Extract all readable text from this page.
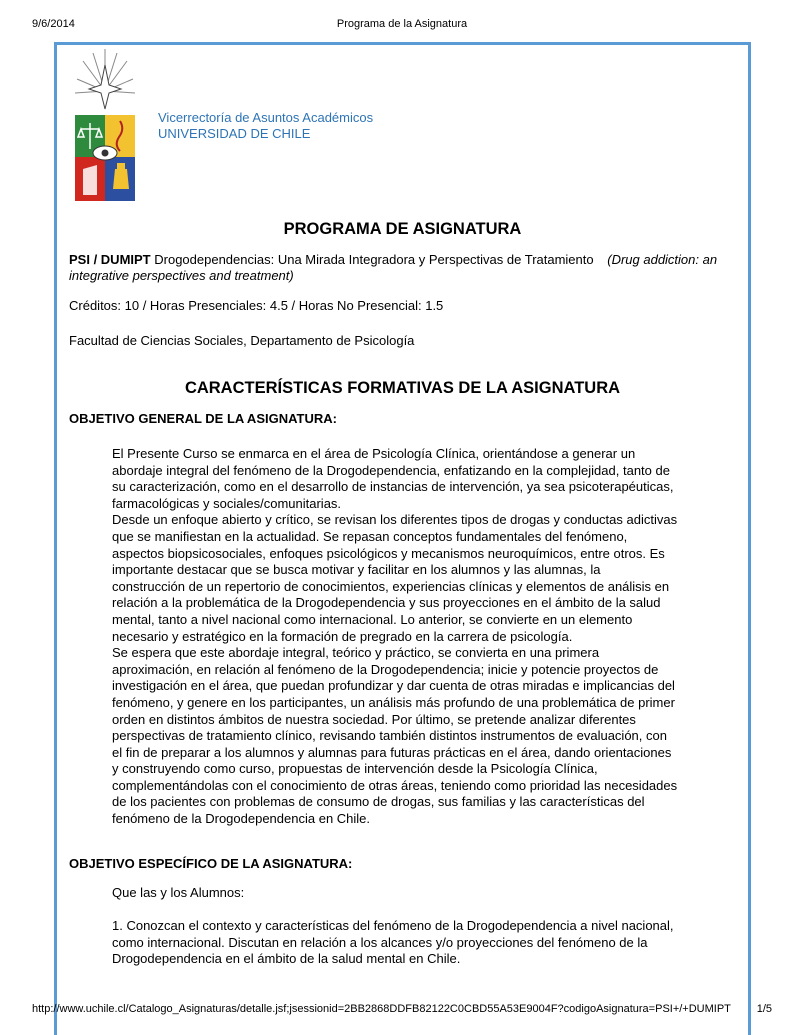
9/6/2014	Programa de la Asignatura
Vicerrectoría de Asuntos Académicos
UNIVERSIDAD DE CHILE
PROGRAMA DE ASIGNATURA
PSI / DUMIPT Drogodependencias: Una Mirada Integradora y Perspectivas de Tratamiento (Drug addiction: an integrative perspectives and treatment)
Créditos: 10 / Horas Presenciales: 4.5 / Horas No Presencial: 1.5
Facultad de Ciencias Sociales, Departamento de Psicología
CARACTERÍSTICAS FORMATIVAS DE LA ASIGNATURA
OBJETIVO GENERAL DE LA ASIGNATURA:

El Presente Curso se enmarca en el área de Psicología Clínica, orientándose a generar un

abordaje integral del fenómeno de la Drogodependencia, enfatizando en la complejidad, tanto de

su caracterización, como en el desarrollo de instancias de intervención, ya sea psicoterapéuticas,

farmacológicas y sociales/comunitarias.

Desde un enfoque abierto y crítico, se revisan los diferentes tipos de drogas y conductas adictivas

que se manifiestan en la actualidad. Se repasan conceptos fundamentales del fenómeno,

aspectos biopsicosociales, enfoques psicológicos y mecanismos neuroquímicos, entre otros. Es

importante destacar que se busca motivar y facilitar en los alumnos y las alumnas, la

construcción de un repertorio de conocimientos, experiencias clínicas y elementos de análisis en

relación a la problemática de la Drogodependencia y sus proyecciones en el ámbito de la salud

mental, tanto a nivel nacional como internacional. Lo anterior, se convierte en un elemento

necesario y estratégico en la formación de pregrado en la carrera de psicología.

Se espera que este abordaje integral, teórico y práctico, se convierta en una primera

aproximación, en relación al fenómeno de la Drogodependencia; inicie y potencie proyectos de

investigación en el área, que puedan profundizar y dar cuenta de otras miradas e implicancias del

fenómeno, y genere en los participantes, un análisis más profundo de una problemática de primer

orden en distintos ámbitos de nuestra sociedad. Por último, se pretende analizar diferentes

perspectivas de tratamiento clínico, revisando también distintos instrumentos de evaluación, con

el fin de preparar a los alumnos y alumnas para futuras prácticas en el área, dando orientaciones

y construyendo como curso, propuestas de intervención desde la Psicología Clínica,

complementándolas con el conocimiento de otras áreas, teniendo como prioridad las necesidades

de los pacientes con problemas de consumo de drogas, sus familias y las características del

fenómeno de la Drogodependencia en Chile.

OBJETIVO ESPECÍFICO DE LA ASIGNATURA:
Que las y los Alumnos:

1. Conozcan el contexto y características del fenómeno de la Drogodependencia a nivel nacional,

como internacional. Discutan en relación a los alcances y/o proyecciones del fenómeno de la

Drogodependencia en el ámbito de la salud mental en Chile.

http://www.uchile.cl/Catalogo_Asignaturas/detalle.jsf;jsessionid=2BB2868DDFB82122C0CBD55A53E9004F?codigoAsignatura=PSI+/+DUMIPT 1/5
